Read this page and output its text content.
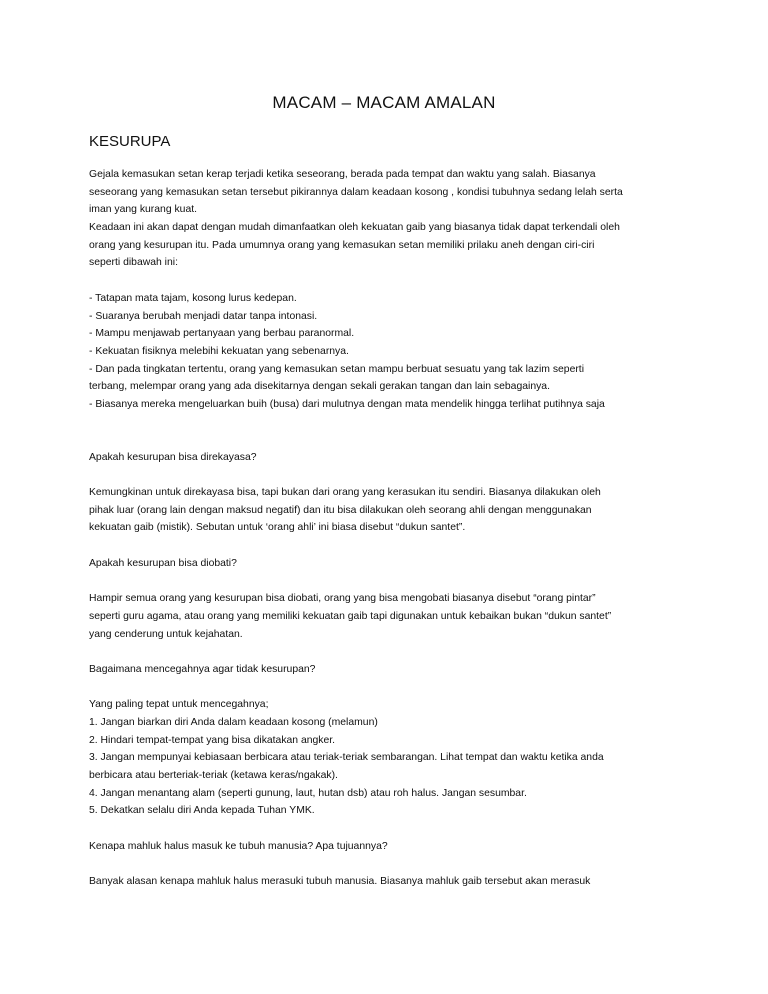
MACAM – MACAM AMALAN
KESURUPA
Gejala kemasukan setan kerap terjadi ketika seseorang, berada pada tempat dan waktu yang salah. Biasanya
seseorang yang kemasukan setan tersebut pikirannya dalam keadaan kosong , kondisi tubuhnya sedang lelah serta
iman yang kurang kuat.
Keadaan ini akan dapat dengan mudah dimanfaatkan oleh kekuatan gaib yang biasanya tidak dapat terkendali oleh
orang yang kesurupan itu. Pada umumnya orang yang kemasukan setan memiliki prilaku aneh dengan ciri-ciri
seperti dibawah ini:
- Tatapan mata tajam, kosong lurus kedepan.
- Suaranya berubah menjadi datar tanpa intonasi.
- Mampu menjawab pertanyaan yang berbau paranormal.
- Kekuatan fisiknya melebihi kekuatan yang sebenarnya.
- Dan pada tingkatan tertentu, orang yang kemasukan setan mampu berbuat sesuatu yang tak lazim seperti
terbang, melempar orang yang ada disekitarnya dengan sekali gerakan tangan dan lain sebagainya.
- Biasanya mereka mengeluarkan buih (busa) dari mulutnya dengan mata mendelik hingga terlihat putihnya saja
Apakah kesurupan bisa direkayasa?
Kemungkinan untuk direkayasa bisa, tapi bukan dari orang yang kerasukan itu sendiri. Biasanya dilakukan oleh
pihak luar (orang lain dengan maksud negatif) dan itu bisa dilakukan oleh seorang ahli dengan menggunakan
kekuatan gaib (mistik). Sebutan untuk ‘orang ahli’ ini biasa disebut “dukun santet”.
Apakah kesurupan bisa diobati?
Hampir semua orang yang kesurupan bisa diobati, orang yang bisa mengobati biasanya disebut “orang pintar”
seperti guru agama, atau orang yang memiliki kekuatan gaib tapi digunakan untuk kebaikan bukan “dukun santet”
yang cenderung untuk kejahatan.
Bagaimana mencegahnya agar tidak kesurupan?
Yang paling tepat untuk mencegahnya;
1. Jangan biarkan diri Anda dalam keadaan kosong (melamun)
2. Hindari tempat-tempat yang bisa dikatakan angker.
3. Jangan mempunyai kebiasaan berbicara atau teriak-teriak sembarangan. Lihat tempat dan waktu ketika anda
berbicara atau berteriak-teriak (ketawa keras/ngakak).
4. Jangan menantang alam (seperti gunung, laut, hutan dsb) atau roh halus. Jangan sesumbar.
5. Dekatkan selalu diri Anda kepada Tuhan YMK.
Kenapa mahluk halus masuk ke tubuh manusia? Apa tujuannya?
Banyak alasan kenapa mahluk halus merasuki tubuh manusia. Biasanya mahluk gaib tersebut akan merasuk
